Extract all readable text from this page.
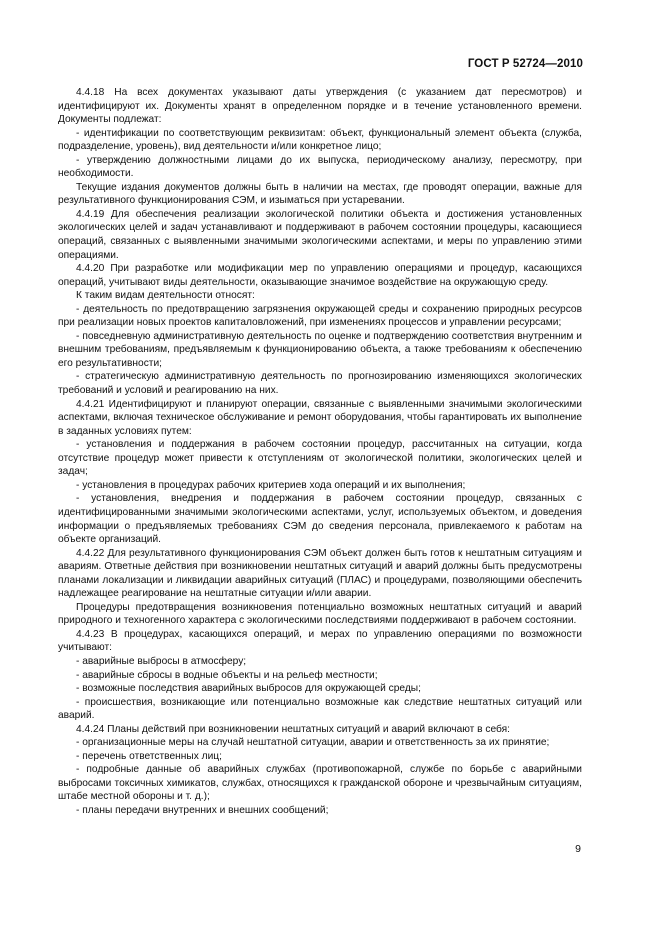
ГОСТ Р 52724—2010

4.4.18 На всех документах указывают даты утверждения (с указанием дат пересмотров) и идентифицируют их. Документы хранят в определенном порядке и в течение установленного времени. Документы подлежат:

- идентификации по соответствующим реквизитам: объект, функциональный элемент объекта (служба, подразделение, уровень), вид деятельности и/или конкретное лицо;

- утверждению должностными лицами до их выпуска, периодическому анализу, пересмотру, при необходимости.

Текущие издания документов должны быть в наличии на местах, где проводят операции, важные для результативного функционирования СЭМ, и изыматься при устаревании.

4.4.19 Для обеспечения реализации экологической политики объекта и достижения установленных экологических целей и задач устанавливают и поддерживают в рабочем состоянии процедуры, касающиеся операций, связанных с выявленными значимыми экологическими аспектами, и меры по управлению этими операциями.

4.4.20 При разработке или модификации мер по управлению операциями и процедур, касающихся операций, учитывают виды деятельности, оказывающие значимое воздействие на окружающую среду.

К таким видам деятельности относят:

- деятельность по предотвращению загрязнения окружающей среды и сохранению природных ресурсов при реализации новых проектов капиталовложений, при изменениях процессов и управлении ресурсами;

- повседневную административную деятельность по оценке и подтверждению соответствия внутренним и внешним требованиям, предъявляемым к функционированию объекта, а также требованиям к обеспечению его результативности;

- стратегическую административную деятельность по прогнозированию изменяющихся экологических требований и условий и реагированию на них.

4.4.21 Идентифицируют и планируют операции, связанные с выявленными значимыми экологическими аспектами, включая техническое обслуживание и ремонт оборудования, чтобы гарантировать их выполнение в заданных условиях путем:

- установления и поддержания в рабочем состоянии процедур, рассчитанных на ситуации, когда отсутствие процедур может привести к отступлениям от экологической политики, экологических целей и задач;

- установления в процедурах рабочих критериев хода операций и их выполнения;

- установления, внедрения и поддержания в рабочем состоянии процедур, связанных с идентифицированными значимыми экологическими аспектами, услуг, используемых объектом, и доведения информации о предъявляемых требованиях СЭМ до сведения персонала, привлекаемого к работам на объекте организаций.

4.4.22 Для результативного функционирования СЭМ объект должен быть готов к нештатным ситуациям и авариям. Ответные действия при возникновении нештатных ситуаций и аварий должны быть предусмотрены планами локализации и ликвидации аварийных ситуаций (ПЛАС) и процедурами, позволяющими обеспечить надлежащее реагирование на нештатные ситуации и/или аварии.

Процедуры предотвращения возникновения потенциально возможных нештатных ситуаций и аварий природного и техногенного характера с экологическими последствиями поддерживают в рабочем состоянии.

4.4.23 В процедурах, касающихся операций, и мерах по управлению операциями по возможности учитывают:

- аварийные выбросы в атмосферу;

- аварийные сбросы в водные объекты и на рельеф местности;

- возможные последствия аварийных выбросов для окружающей среды;

- происшествия, возникающие или потенциально возможные как следствие нештатных ситуаций или аварий.

4.4.24 Планы действий при возникновении нештатных ситуаций и аварий включают в себя:

- организационные меры на случай нештатной ситуации, аварии и ответственность за их принятие;

- перечень ответственных лиц;

- подробные данные об аварийных службах (противопожарной, службе по борьбе с аварийными выбросами токсичных химикатов, службах, относящихся к гражданской обороне и чрезвычайным ситуациям, штабе местной обороны и т. д.);

- планы передачи внутренних и внешних сообщений;

9
